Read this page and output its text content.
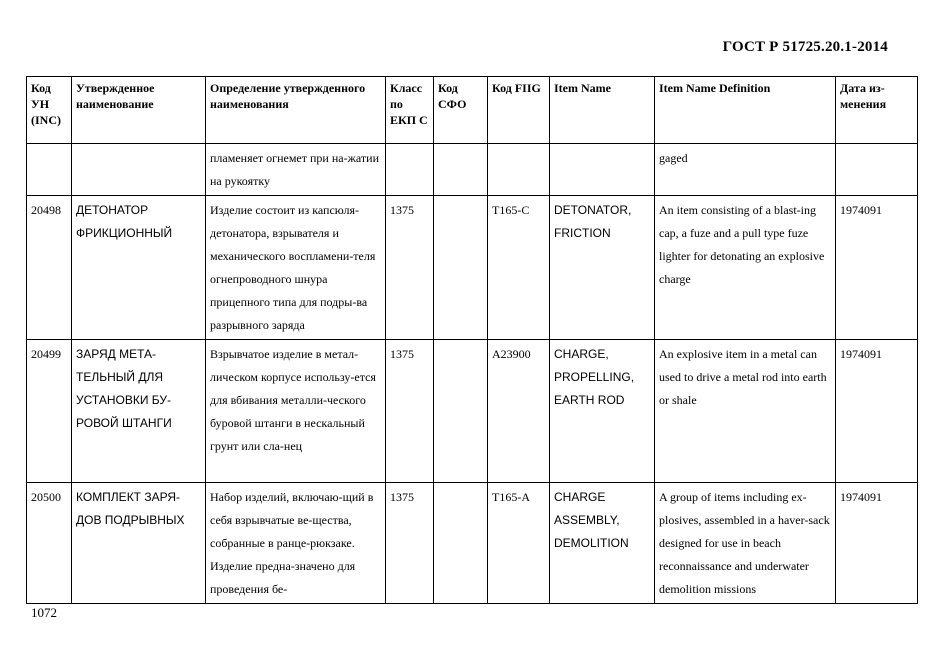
ГОСТ Р 51725.20.1-2014
Код УН (INC)	Утвержденное наименование	Определение утвержденного наименования	Класс по ЕКП С	Код СФО	Код FIIG	Item Name	Item Name Definition	Дата из-менения
		пламеняет огнемет при на-жатии на рукоятку					gaged	
20498	ДЕТОНАТОР ФРИКЦИОННЫЙ	Изделие состоит из капсюля-детонатора, взрывателя и механического воспламени-теля огнепроводного шнура прицепного типа для подры-ва разрывного заряда	1375		T165-C	DETONATOR, FRICTION	An item consisting of a blast-ing cap, a fuze and a pull type fuze lighter for detonating an explosive charge	1974091
20499	ЗАРЯД МЕТА-ТЕЛЬНЫЙ ДЛЯ УСТАНОВКИ БУ-РОВОЙ ШТАНГИ	Взрывчатое изделие в метал-лическом корпусе использу-ется для вбивания металли-ческого буровой штанги в нескальный грунт или сла-нец	1375		A23900	CHARGE, PROPELLING, EARTH ROD	An explosive item in a metal can used to drive a metal rod into earth or shale	1974091
20500	КОМПЛЕКТ ЗАРЯ-ДОВ ПОДРЫВНЫХ	Набор изделий, включаю-щий в себя взрывчатые ве-щества, собранные в ранце-рюкзаке. Изделие предна-значено для проведения бе-	1375		T165-A	CHARGE ASSEMBLY, DEMOLITION	A group of items including ex-plosives, assembled in a haver-sack designed for use in beach reconnaissance and underwater demolition missions	1974091
1072
